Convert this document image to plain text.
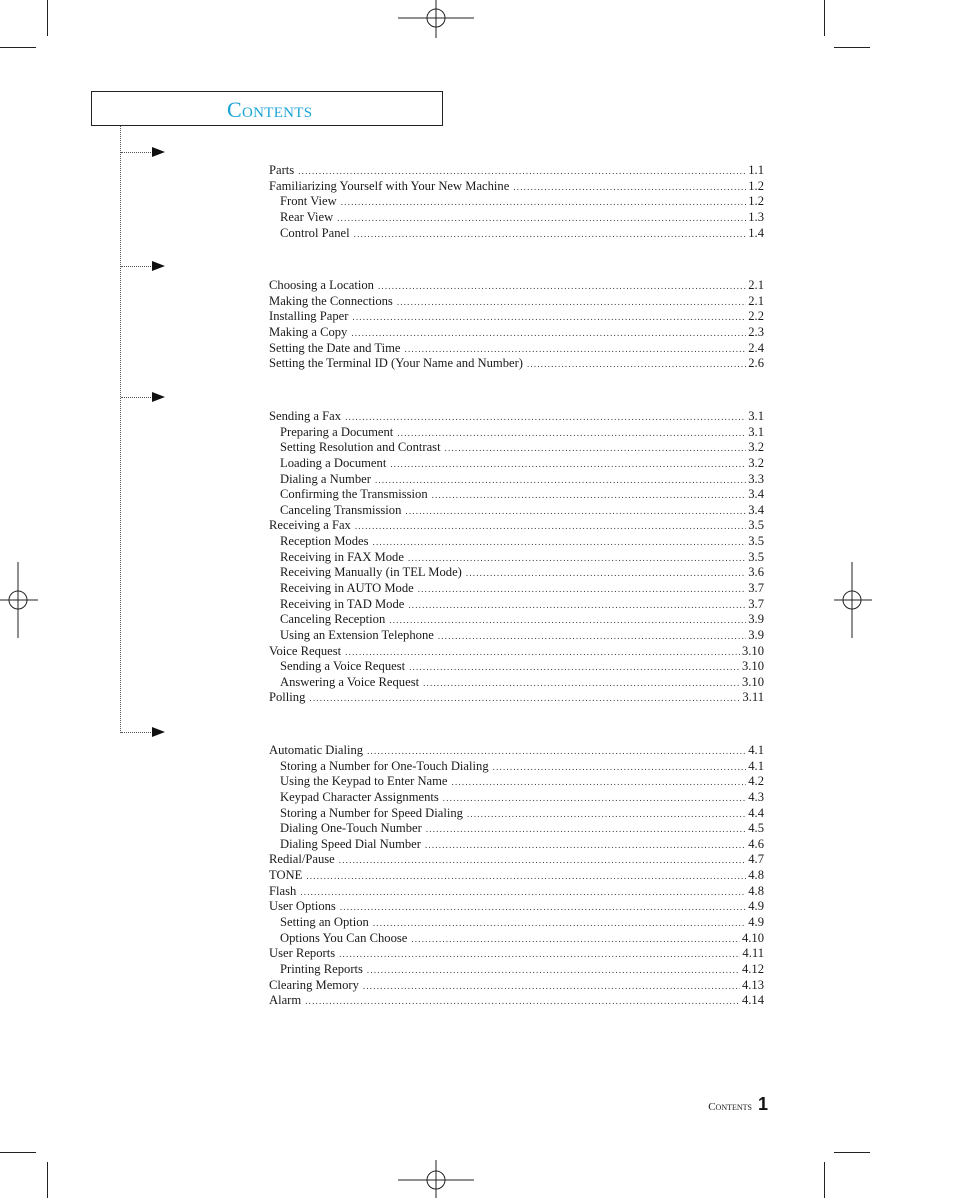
Contents
Parts .....	1.1
Familiarizing Yourself with Your New Machine .....	1.2
Front View .....	1.2
Rear View .....	1.3
Control Panel .....	1.4
Choosing a Location .....	2.1
Making the Connections .....	2.1
Installing Paper .....	2.2
Making a Copy .....	2.3
Setting the Date and Time .....	2.4
Setting the Terminal ID (Your Name and Number) .....	2.6
Sending a Fax .....	3.1
Preparing a Document .....	3.1
Setting Resolution and Contrast .....	3.2
Loading a Document .....	3.2
Dialing a Number .....	3.3
Confirming the Transmission .....	3.4
Canceling Transmission .....	3.4
Receiving a Fax .....	3.5
Reception Modes .....	3.5
Receiving in FAX Mode .....	3.5
Receiving Manually (in TEL Mode) .....	3.6
Receiving in AUTO Mode .....	3.7
Receiving in TAD Mode .....	3.7
Canceling Reception .....	3.9
Using an Extension Telephone .....	3.9
Voice Request .....	3.10
Sending a Voice Request .....	3.10
Answering a Voice Request .....	3.10
Polling .....	3.11
Automatic Dialing .....	4.1
Storing a Number for One-Touch Dialing .....	4.1
Using the Keypad to Enter Name .....	4.2
Keypad Character Assignments .....	4.3
Storing a Number for Speed Dialing .....	4.4
Dialing One-Touch Number .....	4.5
Dialing Speed Dial Number .....	4.6
Redial/Pause .....	4.7
TONE .....	4.8
Flash .....	4.8
User Options .....	4.9
Setting an Option .....	4.9
Options You Can Choose .....	4.10
User Reports .....	4.11
Printing Reports .....	4.12
Clearing Memory .....	4.13
Alarm .....	4.14
Contents 1
